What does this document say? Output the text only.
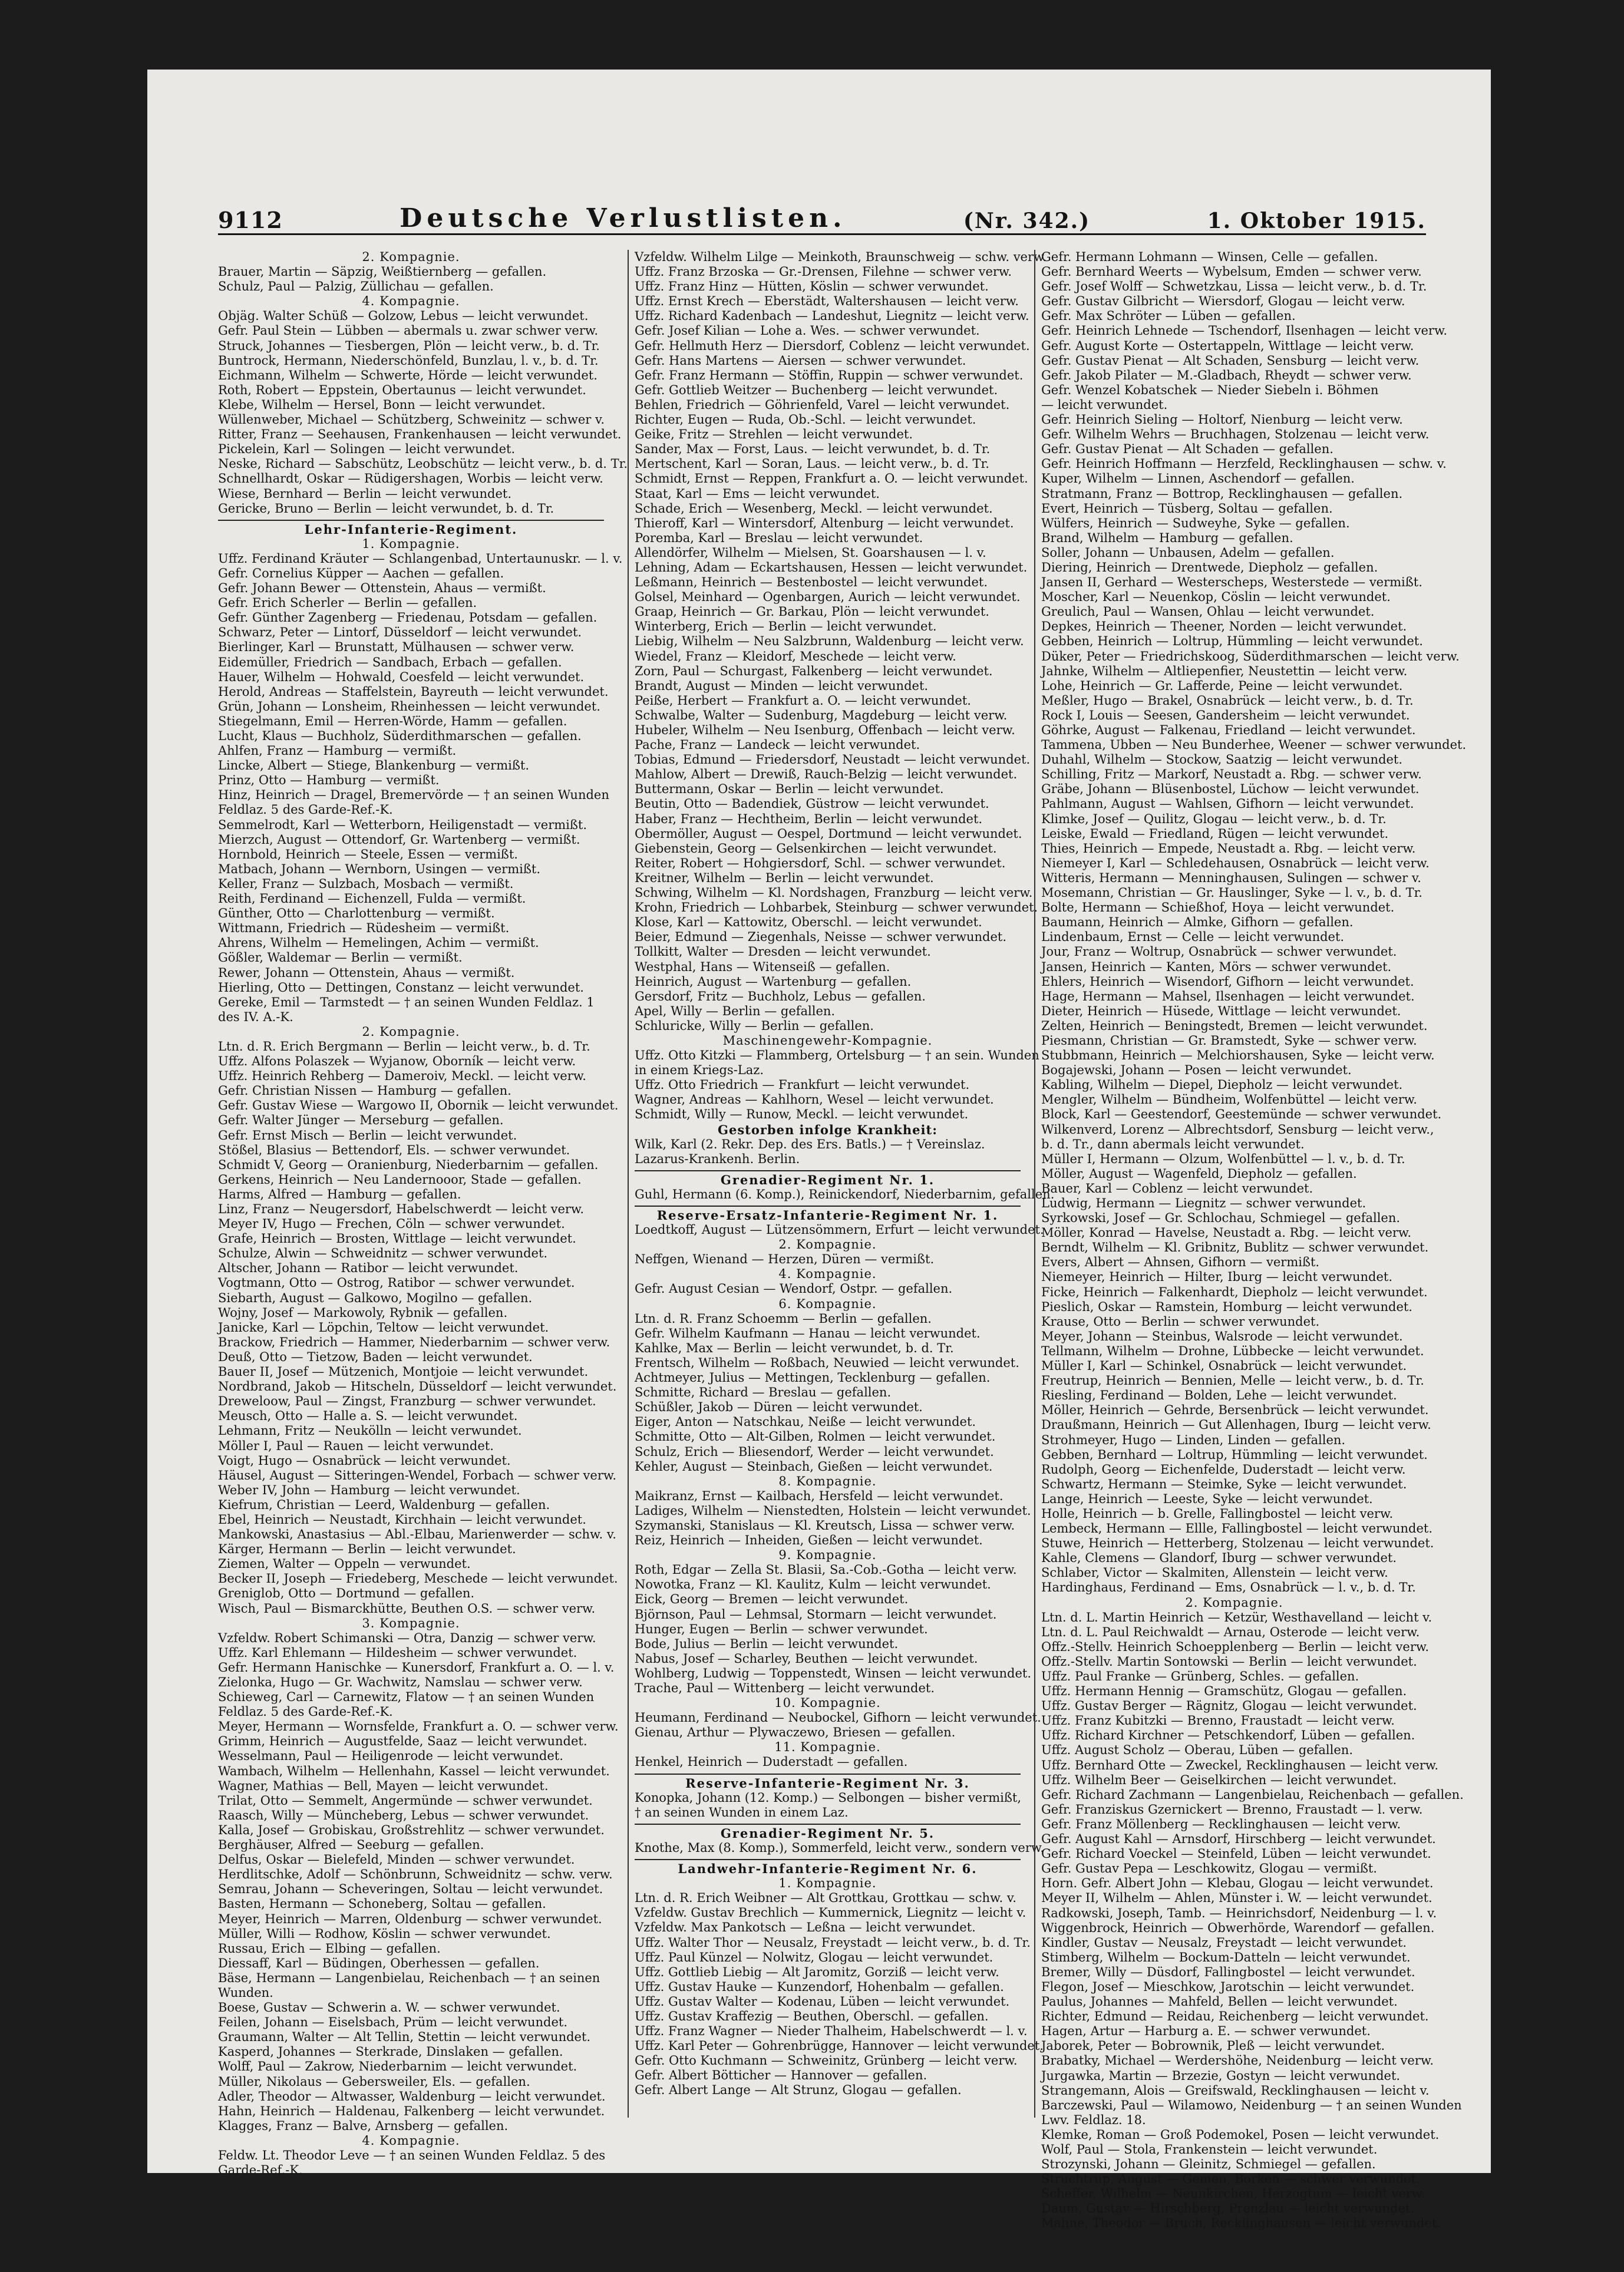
9112	Deutsche Verlustlisten.	(Nr. 342.)	1. Oktober 1915.
2. Kompagnie.
Brauer, Martin — Säpzig, Weißtiernberg — gefallen.
Schulz, Paul — Palzig, Züllichau — gefallen.
4. Kompagnie.
Objäg. Walter Schüß — Golzow, Lebus — leicht verwundet.
Gefr. Paul Stein — Lübben — abermals u. zwar schwer verw.
Struck, Johannes — Tiesbergen, Plön — leicht verw., b. d. Tr.
Buntrock, Hermann, Niederschönfeld, Bunzlau, l. v., b. d. Tr.
Eichmann, Wilhelm — Schwerte, Hörde — leicht verwundet.
Roth, Robert — Eppstein, Obertaunus — leicht verwundet.
Klebe, Wilhelm — Hersel, Bonn — leicht verwundet.
Wüllenweber, Michael — Schützberg, Schweinitz — schwer v.
Ritter, Franz — Seehausen, Frankenhausen — leicht verwundet.
Pickelein, Karl — Solingen — leicht verwundet.
Neske, Richard — Sabschütz, Leobschütz — leicht verw., b. d. Tr.
Schnellhardt, Oskar — Rüdigershagen, Worbis — leicht verw.
Wiese, Bernhard — Berlin — leicht verwundet.
Gericke, Bruno — Berlin — leicht verwundet, b. d. Tr.
Lehr-Infanterie-Regiment.
1. Kompagnie.
Uffz. Ferdinand Kräuter — Schlangenbad, Untertaunuskr. — l. v.
Gefr. Cornelius Küpper — Aachen — gefallen.
Gefr. Johann Bewer — Ottenstein, Ahaus — vermißt.
Gefr. Erich Scherler — Berlin — gefallen.
Gefr. Günther Zagenberg — Friedenau, Potsdam — gefallen.
Schwarz, Peter — Lintorf, Düsseldorf — leicht verwundet.
Bierlinger, Karl — Brunstatt, Mülhausen — schwer verw.
Eidemüller, Friedrich — Sandbach, Erbach — gefallen.
Hauer, Wilhelm — Hohwald, Coesfeld — leicht verwundet.
Herold, Andreas — Staffelstein, Bayreuth — leicht verwundet.
Grün, Johann — Lonsheim, Rheinhessen — leicht verwundet.
Stiegelmann, Emil — Herren-Wörde, Hamm — gefallen.
Lucht, Klaus — Buchholz, Süderdithmarschen — gefallen.
Ahlfen, Franz — Hamburg — vermißt.
Lincke, Albert — Stiege, Blankenburg — vermißt.
Prinz, Otto — Hamburg — vermißt.
Hinz, Heinrich — Dragel, Bremervörde — † an seinen Wunden
Feldlaz. 5 des Garde-Ref.-K.
Semmelrodt, Karl — Wetterborn, Heiligenstadt — vermißt.
Mierzch, August — Ottendorf, Gr. Wartenberg — vermißt.
Hornbold, Heinrich — Steele, Essen — vermißt.
Matbach, Johann — Wernborn, Usingen — vermißt.
Keller, Franz — Sulzbach, Mosbach — vermißt.
Reith, Ferdinand — Eichenzell, Fulda — vermißt.
Günther, Otto — Charlottenburg — vermißt.
Wittmann, Friedrich — Rüdesheim — vermißt.
Ahrens, Wilhelm — Hemelingen, Achim — vermißt.
Gößler, Waldemar — Berlin — vermißt.
Rewer, Johann — Ottenstein, Ahaus — vermißt.
Hierling, Otto — Dettingen, Constanz — leicht verwundet.
Gereke, Emil — Tarmstedt — † an seinen Wunden Feldlaz. 1
des IV. A.-K.
2. Kompagnie.
Ltn. d. R. Erich Bergmann — Berlin — leicht verw., b. d. Tr.
Uffz. Alfons Polaszek — Wyjanow, Oborník — leicht verw.
Uffz. Heinrich Rehberg — Dameroiv, Meckl. — leicht verw.
Gefr. Christian Nissen — Hamburg — gefallen.
Gefr. Gustav Wiese — Wargowo II, Obornik — leicht verwundet.
Gefr. Walter Jünger — Merseburg — gefallen.
Gefr. Ernst Misch — Berlin — leicht verwundet.
Stößel, Blasius — Bettendorf, Els. — schwer verwundet.
Schmidt V, Georg — Oranienburg, Niederbarnim — gefallen.
Gerkens, Heinrich — Neu Landernooor, Stade — gefallen.
Harms, Alfred — Hamburg — gefallen.
Linz, Franz — Neugersdorf, Habelschwerdt — leicht verw.
Meyer IV, Hugo — Frechen, Cöln — schwer verwundet.
Grafe, Heinrich — Brosten, Wittlage — leicht verwundet.
Schulze, Alwin — Schweidnitz — schwer verwundet.
Altscher, Johann — Ratibor — leicht verwundet.
Vogtmann, Otto — Ostrog, Ratibor — schwer verwundet.
Siebarth, August — Galkowo, Mogilno — gefallen.
Wojny, Josef — Markowoly, Rybnik — gefallen.
Janicke, Karl — Löpchin, Teltow — leicht verwundet.
Brackow, Friedrich — Hammer, Niederbarnim — schwer verw.
Deuß, Otto — Tietzow, Baden — leicht verwundet.
Bauer II, Josef — Mützenich, Montjoie — leicht verwundet.
Nordbrand, Jakob — Hitscheln, Düsseldorf — leicht verwundet.
Dreweloow, Paul — Zingst, Franzburg — schwer verwundet.
Meusch, Otto — Halle a. S. — leicht verwundet.
Lehmann, Fritz — Neukölln — leicht verwundet.
Möller I, Paul — Rauen — leicht verwundet.
Voigt, Hugo — Osnabrück — leicht verwundet.
Häusel, August — Sitteringen-Wendel, Forbach — schwer verw.
Weber IV, John — Hamburg — leicht verwundet.
Kiefrum, Christian — Leerd, Waldenburg — gefallen.
Ebel, Heinrich — Neustadt, Kirchhain — leicht verwundet.
Mankowski, Anastasius — Abl.-Elbau, Marienwerder — schw. v.
Kärger, Hermann — Berlin — leicht verwundet.
Ziemen, Walter — Oppeln — verwundet.
Becker II, Joseph — Friedeberg, Meschede — leicht verwundet.
Greniglob, Otto — Dortmund — gefallen.
Wisch, Paul — Bismarckhütte, Beuthen O.S. — schwer verw.
3. Kompagnie.
Vzfeldw. Robert Schimanski — Otra, Danzig — schwer verw.
Uffz. Karl Ehlemann — Hildesheim — schwer verwundet.
Gefr. Hermann Hanischke — Kunersdorf, Frankfurt a. O. — l. v.
Zielonka, Hugo — Gr. Wachwitz, Namslau — schwer verw.
Schieweg, Carl — Carnewitz, Flatow — † an seinen Wunden
Feldlaz. 5 des Garde-Ref.-K.
Meyer, Hermann — Wornsfelde, Frankfurt a. O. — schwer verw.
Grimm, Heinrich — Augustfelde, Saaz — leicht verwundet.
Wesselmann, Paul — Heiligenrode — leicht verwundet.
Wambach, Wilhelm — Hellenhahn, Kassel — leicht verwundet.
Wagner, Mathias — Bell, Mayen — leicht verwundet.
Trilat, Otto — Semmelt, Angermünde — schwer verwundet.
Raasch, Willy — Müncheberg, Lebus — schwer verwundet.
Kalla, Josef — Grobiskau, Großstrehlitz — schwer verwundet.
Berghäuser, Alfred — Seeburg — gefallen.
Delfus, Oskar — Bielefeld, Minden — schwer verwundet.
Herdlitschke, Adolf — Schönbrunn, Schweidnitz — schw. verw.
Semrau, Johann — Scheveringen, Soltau — leicht verwundet.
Basten, Hermann — Schoneberg, Soltau — gefallen.
Meyer, Heinrich — Marren, Oldenburg — schwer verwundet.
Müller, Willi — Rodhow, Köslin — schwer verwundet.
Russau, Erich — Elbing — gefallen.
Diessaff, Karl — Büdingen, Oberhessen — gefallen.
Bäse, Hermann — Langenbielau, Reichenbach — † an seinen
Wunden.
Boese, Gustav — Schwerin a. W. — schwer verwundet.
Feilen, Johann — Eiselsbach, Prüm — leicht verwundet.
Graumann, Walter — Alt Tellin, Stettin — leicht verwundet.
Kasperd, Johannes — Sterkrade, Dinslaken — gefallen.
Wolff, Paul — Zakrow, Niederbarnim — leicht verwundet.
Müller, Nikolaus — Gebersweiler, Els. — gefallen.
Adler, Theodor — Altwasser, Waldenburg — leicht verwundet.
Hahn, Heinrich — Haldenau, Falkenberg — leicht verwundet.
Klagges, Franz — Balve, Arnsberg — gefallen.
4. Kompagnie.
Feldw. Lt. Theodor Leve — † an seinen Wunden Feldlaz. 5 des
Garde-Ref.-K.
Vzfeldw. Wilhelm Lilge — Meinkoth, Braunschweig — schw. verw.
Uffz. Franz Brzoska — Gr.-Drensen, Filehne — schwer verw.
Uffz. Franz Hinz — Hütten, Köslin — schwer verwundet.
Uffz. Ernst Krech — Eberstädt, Waltershausen — leicht verw.
Uffz. Richard Kadenbach — Landeshut, Liegnitz — leicht verw.
Gefr. Josef Kilian — Lohe a. Wes. — schwer verwundet.
Gefr. Hellmuth Herz — Diersdorf, Coblenz — leicht verwundet.
Gefr. Hans Martens — Aiersen — schwer verwundet.
Gefr. Franz Hermann — Stöffin, Ruppin — schwer verwundet.
Gefr. Gottlieb Weitzer — Buchenberg — leicht verwundet.
Behlen, Friedrich — Göhrienfeld, Varel — leicht verwundet.
Richter, Eugen — Ruda, Ob.-Schl. — leicht verwundet.
Geike, Fritz — Strehlen — leicht verwundet.
Sander, Max — Forst, Laus. — leicht verwundet, b. d. Tr.
Mertschent, Karl — Soran, Laus. — leicht verw., b. d. Tr.
Schmidt, Ernst — Reppen, Frankfurt a. O. — leicht verwundet.
Staat, Karl — Ems — leicht verwundet.
Schade, Erich — Wesenberg, Meckl. — leicht verwundet.
Thieroff, Karl — Wintersdorf, Altenburg — leicht verwundet.
Poremba, Karl — Breslau — leicht verwundet.
Allendörfer, Wilhelm — Mielsen, St. Goarshausen — l. v.
Lehning, Adam — Eckartshausen, Hessen — leicht verwundet.
Leßmann, Heinrich — Bestenbostel — leicht verwundet.
Golsel, Meinhard — Ogenbargen, Aurich — leicht verwundet.
Graap, Heinrich — Gr. Barkau, Plön — leicht verwundet.
Winterberg, Erich — Berlin — leicht verwundet.
Liebig, Wilhelm — Neu Salzbrunn, Waldenburg — leicht verw.
Wiedel, Franz — Kleidorf, Meschede — leicht verw.
Zorn, Paul — Schurgast, Falkenberg — leicht verwundet.
Brandt, August — Minden — leicht verwundet.
Peiße, Herbert — Frankfurt a. O. — leicht verwundet.
Schwalbe, Walter — Sudenburg, Magdeburg — leicht verw.
Hubeler, Wilhelm — Neu Isenburg, Offenbach — leicht verw.
Pache, Franz — Landeck — leicht verwundet.
Tobias, Edmund — Friedersdorf, Neustadt — leicht verwundet.
Mahlow, Albert — Drewiß, Rauch-Belzig — leicht verwundet.
Buttermann, Oskar — Berlin — leicht verwundet.
Beutin, Otto — Badendiek, Güstrow — leicht verwundet.
Haber, Franz — Hechtheim, Berlin — leicht verwundet.
Obermöller, August — Oespel, Dortmund — leicht verwundet.
Giebenstein, Georg — Gelsenkirchen — leicht verwundet.
Reiter, Robert — Hohgiersdorf, Schl. — schwer verwundet.
Kreitner, Wilhelm — Berlin — leicht verwundet.
Schwing, Wilhelm — Kl. Nordshagen, Franzburg — leicht verw.
Krohn, Friedrich — Lohbarbek, Steinburg — schwer verwundet.
Klose, Karl — Kattowitz, Oberschl. — leicht verwundet.
Beier, Edmund — Ziegenhals, Neisse — schwer verwundet.
Tollkitt, Walter — Dresden — leicht verwundet.
Westphal, Hans — Witenseiß — gefallen.
Heinrich, August — Wartenburg — gefallen.
Gersdorf, Fritz — Buchholz, Lebus — gefallen.
Apel, Willy — Berlin — gefallen.
Schluricke, Willy — Berlin — gefallen.
Maschinengewehr-Kompagnie.
Uffz. Otto Kitzki — Flammberg, Ortelsburg — † an sein. Wunden
in einem Kriegs-Laz.
Uffz. Otto Friedrich — Frankfurt — leicht verwundet.
Wagner, Andreas — Kahlhorn, Wesel — leicht verwundet.
Schmidt, Willy — Runow, Meckl. — leicht verwundet.
Gestorben infolge Krankheit:
Wilk, Karl (2. Rekr. Dep. des Ers. Batls.) — † Vereinslaz.
Lazarus-Krankenh. Berlin.
Grenadier-Regiment Nr. 1.
Guhl, Hermann (6. Komp.), Reinickendorf, Niederbarnim, gefallen.
Reserve-Ersatz-Infanterie-Regiment Nr. 1.
Loedtkoff, August — Lützensömmern, Erfurt — leicht verwundet.
2. Kompagnie.
Neffgen, Wienand — Herzen, Düren — vermißt.
4. Kompagnie.
Gefr. August Cesian — Wendorf, Ostpr. — gefallen.
6. Kompagnie.
Ltn. d. R. Franz Schoemm — Berlin — gefallen.
Gefr. Wilhelm Kaufmann — Hanau — leicht verwundet.
Kahlke, Max — Berlin — leicht verwundet, b. d. Tr.
Frentsch, Wilhelm — Roßbach, Neuwied — leicht verwundet.
Achtmeyer, Julius — Mettingen, Tecklenburg — gefallen.
Schmitte, Richard — Breslau — gefallen.
Schüßler, Jakob — Düren — leicht verwundet.
Eiger, Anton — Natschkau, Neiße — leicht verwundet.
Schmitte, Otto — Alt-Gilben, Rolmen — leicht verwundet.
Schulz, Erich — Bliesendorf, Werder — leicht verwundet.
Kehler, August — Steinbach, Gießen — leicht verwundet.
8. Kompagnie.
Maikranz, Ernst — Kailbach, Hersfeld — leicht verwundet.
Ladiges, Wilhelm — Nienstedten, Holstein — leicht verwundet.
Szymanski, Stanislaus — Kl. Kreutsch, Lissa — schwer verw.
Reiz, Heinrich — Inheiden, Gießen — leicht verwundet.
9. Kompagnie.
Roth, Edgar — Zella St. Blasii, Sa.-Cob.-Gotha — leicht verw.
Nowotka, Franz — Kl. Kaulitz, Kulm — leicht verwundet.
Eick, Georg — Bremen — leicht verwundet.
Björnson, Paul — Lehmsal, Stormarn — leicht verwundet.
Hunger, Eugen — Berlin — schwer verwundet.
Bode, Julius — Berlin — leicht verwundet.
Nabus, Josef — Scharley, Beuthen — leicht verwundet.
Wohlberg, Ludwig — Toppenstedt, Winsen — leicht verwundet.
Trache, Paul — Wittenberg — leicht verwundet.
10. Kompagnie.
Heumann, Ferdinand — Neubockel, Gifhorn — leicht verwundet.
Gienau, Arthur — Plywaczewo, Briesen — gefallen.
11. Kompagnie.
Henkel, Heinrich — Duderstadt — gefallen.
Reserve-Infanterie-Regiment Nr. 3.
Konopka, Johann (12. Komp.) — Selbongen — bisher vermißt,
† an seinen Wunden in einem Laz.
Grenadier-Regiment Nr. 5.
Knothe, Max (8. Komp.), Sommerfeld, leicht verw., sondern verw.
Landwehr-Infanterie-Regiment Nr. 6.
1. Kompagnie.
Ltn. d. R. Erich Weibner — Alt Grottkau, Grottkau — schw. v.
Vzfeldw. Gustav Brechlich — Kummernick, Liegnitz — leicht v.
Vzfeldw. Max Pankotsch — Leßna — leicht verwundet.
Uffz. Walter Thor — Neusalz, Freystadt — leicht verw., b. d. Tr.
Uffz. Paul Künzel — Nolwitz, Glogau — leicht verwundet.
Uffz. Gottlieb Liebig — Alt Jaromitz, Gorziß — leicht verw.
Uffz. Gustav Hauke — Kunzendorf, Hohenbalm — gefallen.
Uffz. Gustav Walter — Kodenau, Lüben — leicht verwundet.
Uffz. Gustav Kraffezig — Beuthen, Oberschl. — gefallen.
Uffz. Franz Wagner — Nieder Thalheim, Habelschwerdt — l. v.
Uffz. Karl Peter — Gohrenbrügge, Hannover — leicht verwundet.
Gefr. Otto Kuchmann — Schweinitz, Grünberg — leicht verw.
Gefr. Albert Bötticher — Hannover — gefallen.
Gefr. Albert Lange — Alt Strunz, Glogau — gefallen.
Gefr. Hermann Lohmann — Winsen, Celle — gefallen.
Gefr. Bernhard Weerts — Wybelsum, Emden — schwer verw.
Gefr. Josef Wolff — Schwetzkau, Lissa — leicht verw., b. d. Tr.
Gefr. Gustav Gilbricht — Wiersdorf, Glogau — leicht verw.
Gefr. Max Schröter — Lüben — gefallen.
Gefr. Heinrich Lehnede — Tschendorf, Ilsenhagen — leicht verw.
Gefr. August Korte — Ostertappeln, Wittlage — leicht verw.
Gefr. Gustav Pienat — Alt Schaden, Sensburg — leicht verw.
Gefr. Jakob Pilater — M.-Gladbach, Rheydt — schwer verw.
Gefr. Wenzel Kobatschek — Nieder Siebeln i. Böhmen
— leicht verwundet.
Gefr. Heinrich Sieling — Holtorf, Nienburg — leicht verw.
Gefr. Wilhelm Wehrs — Bruchhagen, Stolzenau — leicht verw.
Gefr. Gustav Pienat — Alt Schaden — gefallen.
Gefr. Heinrich Hoffmann — Herzfeld, Recklinghausen — schw. v.
Kuper, Wilhelm — Linnen, Aschendorf — gefallen.
Stratmann, Franz — Bottrop, Recklinghausen — gefallen.
Evert, Heinrich — Tüsberg, Soltau — gefallen.
Wülfers, Heinrich — Sudweyhe, Syke — gefallen.
Brand, Wilhelm — Hamburg — gefallen.
Soller, Johann — Unbausen, Adelm — gefallen.
Diering, Heinrich — Drentwede, Diepholz — gefallen.
Jansen II, Gerhard — Westerscheps, Westerstede — vermißt.
Moscher, Karl — Neuenkop, Cöslin — leicht verwundet.
Greulich, Paul — Wansen, Ohlau — leicht verwundet.
Depkes, Heinrich — Theener, Norden — leicht verwundet.
Gebben, Heinrich — Loltrup, Hümmling — leicht verwundet.
Düker, Peter — Friedrichskoog, Süderdithmarschen — leicht verw.
Jahnke, Wilhelm — Altliepenfier, Neustettin — leicht verw.
Lohe, Heinrich — Gr. Lafferde, Peine — leicht verwundet.
Meßler, Hugo — Brakel, Osnabrück — leicht verw., b. d. Tr.
Rock I, Louis — Seesen, Gandersheim — leicht verwundet.
Göhrke, August — Falkenau, Friedland — leicht verwundet.
Tammena, Ubben — Neu Bunderhee, Weener — schwer verwundet.
Duhahl, Wilhelm — Stockow, Saatzig — leicht verwundet.
Schilling, Fritz — Markorf, Neustadt a. Rbg. — schwer verw.
Gräbe, Johann — Blüsenbostel, Lüchow — leicht verwundet.
Pahlmann, August — Wahlsen, Gifhorn — leicht verwundet.
Klimke, Josef — Quilitz, Glogau — leicht verw., b. d. Tr.
Leiske, Ewald — Friedland, Rügen — leicht verwundet.
Thies, Heinrich — Empede, Neustadt a. Rbg. — leicht verw.
Niemeyer I, Karl — Schledehausen, Osnabrück — leicht verw.
Witteris, Hermann — Menninghausen, Sulingen — schwer v.
Mosemann, Christian — Gr. Hauslinger, Syke — l. v., b. d. Tr.
Bolte, Hermann — Schießhof, Hoya — leicht verwundet.
Baumann, Heinrich — Almke, Gifhorn — gefallen.
Lindenbaum, Ernst — Celle — leicht verwundet.
Jour, Franz — Woltrup, Osnabrück — schwer verwundet.
Jansen, Heinrich — Kanten, Mörs — schwer verwundet.
Ehlers, Heinrich — Wisendorf, Gifhorn — leicht verwundet.
Hage, Hermann — Mahsel, Ilsenhagen — leicht verwundet.
Dieter, Heinrich — Hüsede, Wittlage — leicht verwundet.
Zelten, Heinrich — Beningstedt, Bremen — leicht verwundet.
Piesmann, Christian — Gr. Bramstedt, Syke — schwer verw.
Stubbmann, Heinrich — Melchiorshausen, Syke — leicht verw.
Bogajewski, Johann — Posen — leicht verwundet.
Kabling, Wilhelm — Diepel, Diepholz — leicht verwundet.
Mengler, Wilhelm — Bündheim, Wolfenbüttel — leicht verw.
Block, Karl — Geestendorf, Geestemünde — schwer verwundet.
Wilkenverd, Lorenz — Albrechtsdorf, Sensburg — leicht verw.,
b. d. Tr., dann abermals leicht verwundet.
Müller I, Hermann — Olzum, Wolfenbüttel — l. v., b. d. Tr.
Möller, August — Wagenfeld, Diepholz — gefallen.
Bauer, Karl — Coblenz — leicht verwundet.
Ludwig, Hermann — Liegnitz — schwer verwundet.
Syrkowski, Josef — Gr. Schlochau, Schmiegel — gefallen.
Möller, Konrad — Havelse, Neustadt a. Rbg. — leicht verw.
Berndt, Wilhelm — Kl. Gribnitz, Bublitz — schwer verwundet.
Evers, Albert — Ahnsen, Gifhorn — vermißt.
Niemeyer, Heinrich — Hilter, Iburg — leicht verwundet.
Ficke, Heinrich — Falkenhardt, Diepholz — leicht verwundet.
Pieslich, Oskar — Ramstein, Homburg — leicht verwundet.
Krause, Otto — Berlin — schwer verwundet.
Meyer, Johann — Steinbus, Walsrode — leicht verwundet.
Tellmann, Wilhelm — Drohne, Lübbecke — leicht verwundet.
Müller I, Karl — Schinkel, Osnabrück — leicht verwundet.
Freutrup, Heinrich — Bennien, Melle — leicht verw., b. d. Tr.
Riesling, Ferdinand — Bolden, Lehe — leicht verwundet.
Möller, Heinrich — Gehrde, Bersenbrück — leicht verwundet.
Draußmann, Heinrich — Gut Allenhagen, Iburg — leicht verw.
Strohmeyer, Hugo — Linden, Linden — gefallen.
Gebben, Bernhard — Loltrup, Hümmling — leicht verwundet.
Rudolph, Georg — Eichenfelde, Duderstadt — leicht verw.
Schwartz, Hermann — Steimke, Syke — leicht verwundet.
Lange, Heinrich — Leeste, Syke — leicht verwundet.
Holle, Heinrich — b. Grelle, Fallingbostel — leicht verw.
Lembeck, Hermann — Ellle, Fallingbostel — leicht verwundet.
Stuwe, Heinrich — Hetterberg, Stolzenau — leicht verwundet.
Kahle, Clemens — Glandorf, Iburg — schwer verwundet.
Schlaber, Victor — Skalmiten, Allenstein — leicht verw.
Hardinghaus, Ferdinand — Ems, Osnabrück — l. v., b. d. Tr.
2. Kompagnie.
Ltn. d. L. Martin Heinrich — Ketzür, Westhavelland — leicht v.
Ltn. d. L. Paul Reichwaldt — Arnau, Osterode — leicht verw.
Offz.-Stellv. Heinrich Schoepplenberg — Berlin — leicht verw.
Offz.-Stellv. Martin Sontowski — Berlin — leicht verwundet.
Uffz. Paul Franke — Grünberg, Schles. — gefallen.
Uffz. Hermann Hennig — Gramschütz, Glogau — gefallen.
Uffz. Gustav Berger — Rägnitz, Glogau — leicht verwundet.
Uffz. Franz Kubitzki — Brenno, Fraustadt — leicht verw.
Uffz. Richard Kirchner — Petschkendorf, Lüben — gefallen.
Uffz. August Scholz — Oberau, Lüben — gefallen.
Uffz. Bernhard Otte — Zweckel, Recklinghausen — leicht verw.
Uffz. Wilhelm Beer — Geiselkirchen — leicht verwundet.
Gefr. Richard Zachmann — Langenbielau, Reichenbach — gefallen.
Gefr. Franziskus Gzernickert — Brenno, Fraustadt — l. verw.
Gefr. Franz Möllenberg — Recklinghausen — leicht verw.
Gefr. August Kahl — Arnsdorf, Hirschberg — leicht verwundet.
Gefr. Richard Voeckel — Steinfeld, Lüben — leicht verwundet.
Gefr. Gustav Pepa — Leschkowitz, Glogau — vermißt.
Horn. Gefr. Albert John — Klebau, Glogau — leicht verwundet.
Meyer II, Wilhelm — Ahlen, Münster i. W. — leicht verwundet.
Radkowski, Joseph, Tamb. — Heinrichsdorf, Neidenburg — l. v.
Wiggenbrock, Heinrich — Obwerhörde, Warendorf — gefallen.
Kindler, Gustav — Neusalz, Freystadt — leicht verwundet.
Stimberg, Wilhelm — Bockum-Datteln — leicht verwundet.
Bremer, Willy — Düsdorf, Fallingbostel — leicht verwundet.
Flegon, Josef — Mieschkow, Jarotschin — leicht verwundet.
Paulus, Johannes — Mahfeld, Bellen — leicht verwundet.
Richter, Edmund — Reidau, Reichenberg — leicht verwundet.
Hagen, Artur — Harburg a. E. — schwer verwundet.
Jaborek, Peter — Bobrownik, Pleß — leicht verwundet.
Brabatky, Michael — Werdershöhe, Neidenburg — leicht verw.
Jurgawka, Martin — Brzezie, Gostyn — leicht verwundet.
Strangemann, Alois — Greifswald, Recklinghausen — leicht v.
Barczewski, Paul — Wilamowo, Neidenburg — † an seinen Wunden
Lwv. Feldlaz. 18.
Klemke, Roman — Groß Podemokel, Posen — leicht verwundet.
Wolf, Paul — Stola, Frankenstein — leicht verwundet.
Strozynski, Johann — Gleinitz, Schmiegel — gefallen.
Struchtrup, August — Gemen, Borken — schwer verwundet.
Scheffer, Wilhelm — Neunkirchen, Herzogtum — leicht verw.
Daum, Gustav — Hirschberg, Prenzlau — leicht verwundet.
Mahne, Theodor — Bruch, Recklinghausen — leicht verwundet.
